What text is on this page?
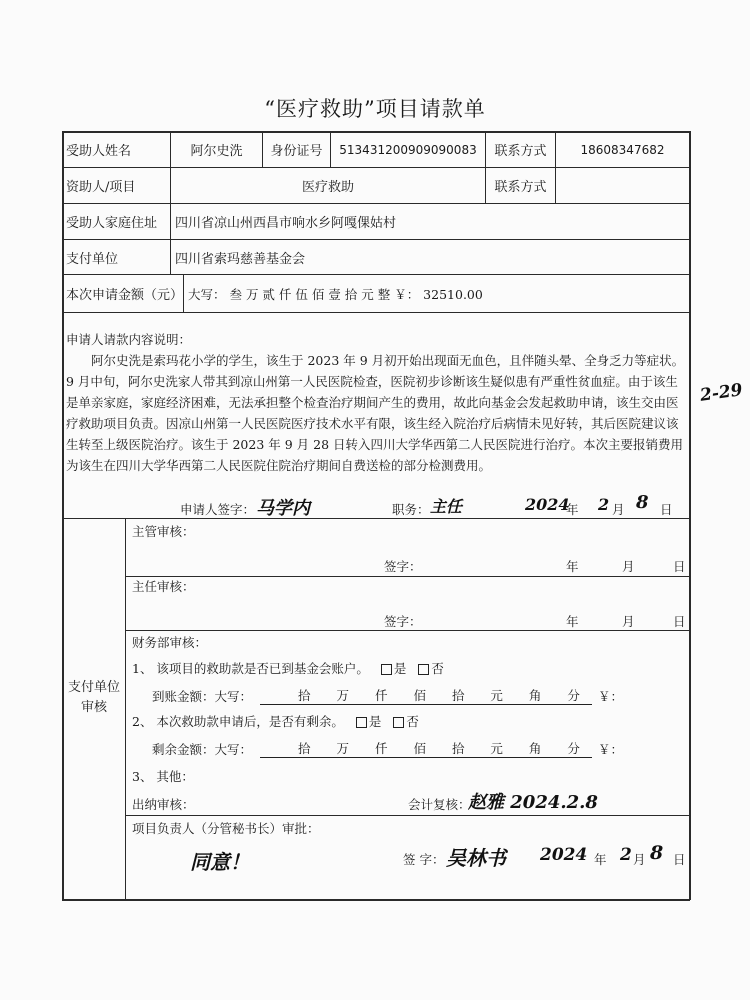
“医疗救助”项目请款单
受助人姓名	阿尔史洗	身份证号	513431200909090083	联系方式	18608347682
资助人/项目	医疗救助	联系方式
受助人家庭住址	四川省凉山州西昌市响水乡阿嘎倮姑村
支付单位	四川省索玛慈善基金会
本次申请金额（元） 大写： 叁 万 贰 仟 伍 佰 壹 拾 元 整 ￥： 32510.00

申请人请款内容说明：

阿尔史洗是索玛花小学的学生，该生于 2023 年 9 月初开始出现面无血色，且伴随头晕、全身乏力等症状。9 月中旬，阿尔史洗家人带其到凉山州第一人民医院检查，医院初步诊断该生疑似患有严重性贫血症。由于该生是单亲家庭，家庭经济困难，无法承担整个检查治疗期间产生的费用，故此向基金会发起救助申请，该生交由医疗救助项目负责。因凉山州第一人民医院医疗技术水平有限，该生经入院治疗后病情未见好转，其后医院建议该生转至上级医院治疗。该生于 2023 年 9 月 28 日转入四川大学华西第二人民医院进行治疗。本次主要报销费用为该生在四川大学华西第二人民医院住院治疗期间自费送检的部分检测费用。

2-29
申请人签字： 马学内	职务： 主任	2024
年 2 月 8 日
支付单位审核
主管审核：
签字：	年	月	日
主任审核：
签字：	年	月	日
财务部审核：
1、 该项目的救助款是否已到基金会账户。 是 否
到账金额：大写：	拾 万 仟 佰 拾 元 角 分 ￥：
2、 本次救助款申请后，是否有剩余。 是 否
剩余金额：大写：	拾 万 仟 佰 拾 元 角 分 ￥：
3、 其他：
出纳审核：	会计复核：
赵雅 2024.2.8
项目负责人（分管秘书长）审批：
同意！	签 字： 吴林书 2024 年 2 月 8 日
